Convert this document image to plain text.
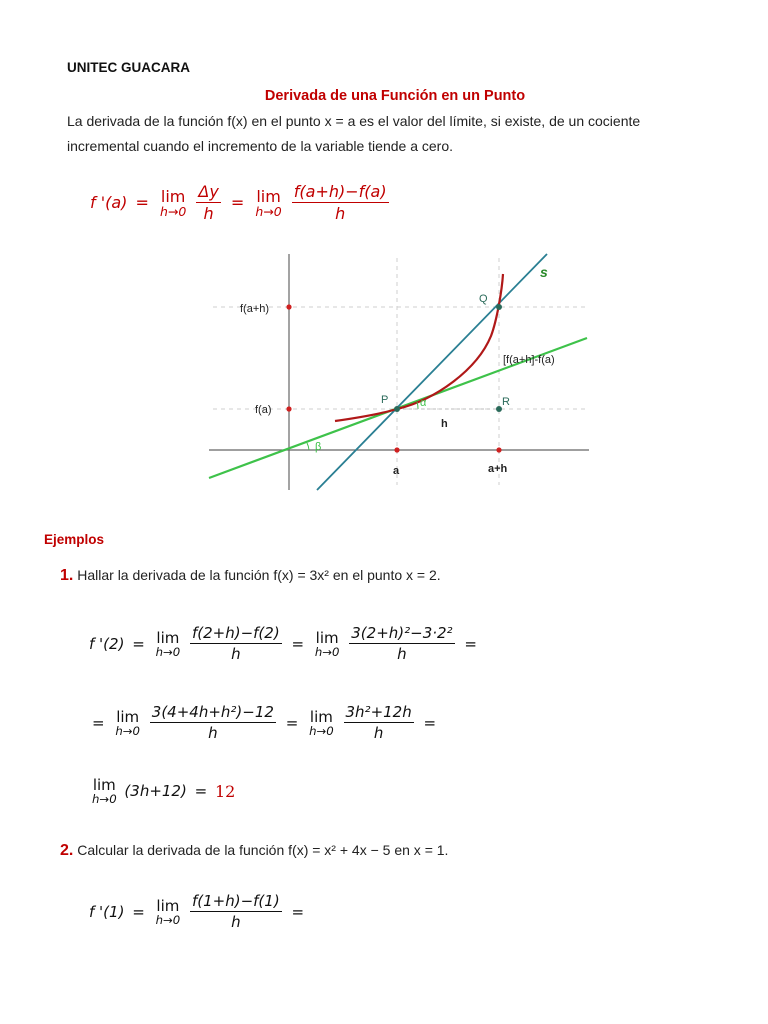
UNITEC GUACARA
Derivada de una Función en un Punto
La derivada de la función f(x) en el punto x = a es el valor del límite, si existe, de un cociente incremental cuando el incremento de la variable tiende a cero.
f '(a) = lim
h→0
$\frac{\Delta y}{h} = \lim$
h→0
$\frac{f(a+h)-f(a)}{h}$
f(a+h)
f(a)
P
Q
R
s
α
β
h
[f(a+h]-f(a)
a	a+h
Ejemplos
1. Hallar la derivada de la función f(x) = 3x² en el punto x = 2.
f '(2) = lim
h→0
$\frac{f(2+h)-f(2)}{h} = \lim$
h→0
$\frac{\text{3(2+h)²−3·2²}}{h}$ =
= lim
h→0
$\frac{\text{3(4+4h+h²)−12}}{h} = \lim$
h→0
$\frac{\text{3h²+12h}}{h}$ =
lim
h→0 (3h+12) = 12
2. Calcular la derivada de la función f(x) = x² + 4x − 5 en x = 1.
f '(1) = lim
h→0
$\frac{f(1+h)-f(1)}{h}$ =
